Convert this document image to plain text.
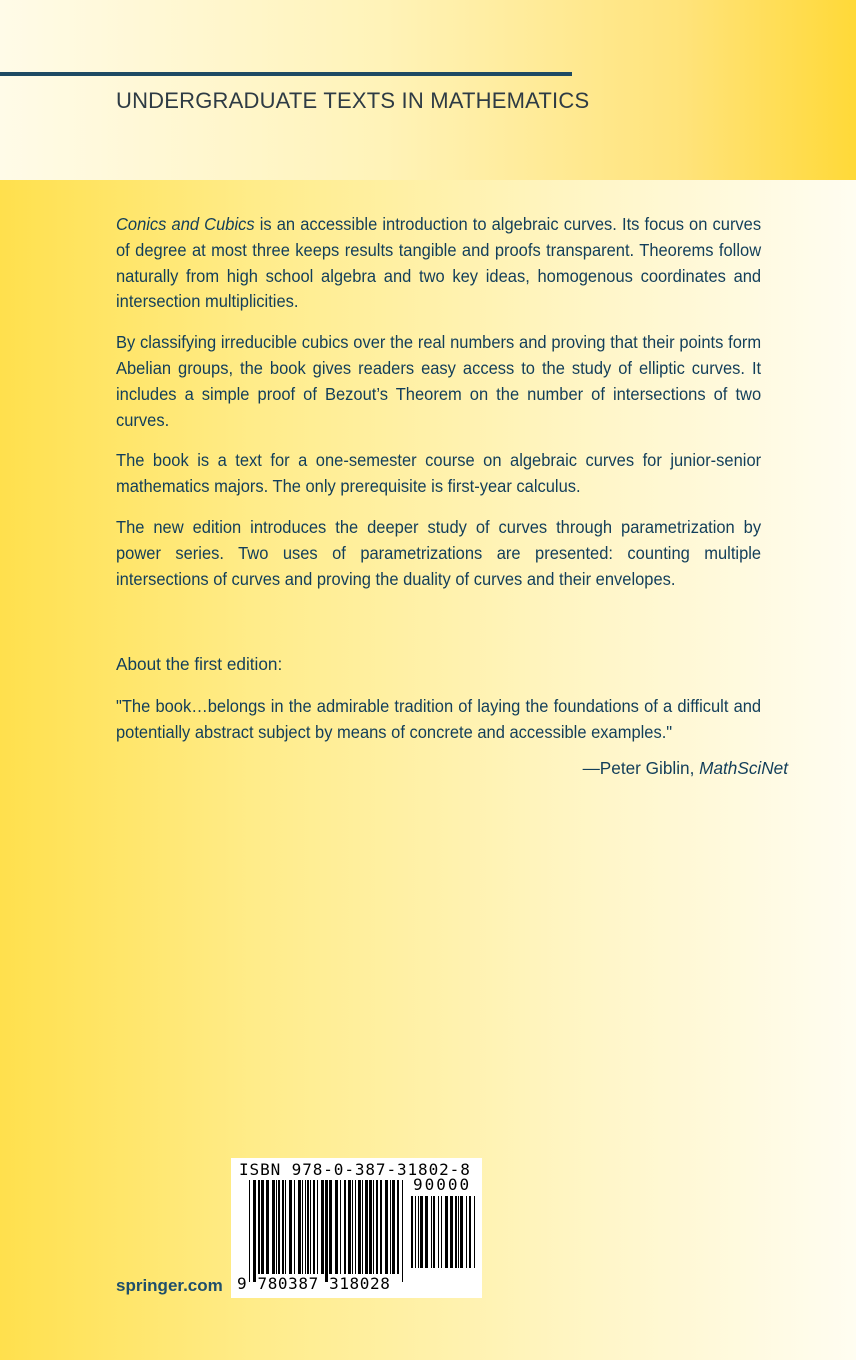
UNDERGRADUATE TEXTS IN MATHEMATICS

Conics and Cubics is an accessible introduction to algebraic curves. Its focus on curves of degree at most three keeps results tangible and proofs transparent. Theorems follow naturally from high school algebra and two key ideas, homogenous coordinates and intersection multiplicities.

By classifying irreducible cubics over the real numbers and proving that their points form Abelian groups, the book gives readers easy access to the study of elliptic curves. It includes a simple proof of Bezout’s Theorem on the number of intersections of two curves.

The book is a text for a one-semester course on algebraic curves for junior-senior mathematics majors. The only prerequisite is first-year calculus.

The new edition introduces the deeper study of curves through parametrization by power series. Two uses of parametrizations are presented: counting multiple intersections of curves and proving the duality of curves and their envelopes.

About the first edition:

"The book…belongs in the admirable tradition of laying the foundations of a difficult and potentially abstract subject by means of concrete and accessible examples."

—Peter Giblin, MathSciNet

springer.com

ISBN 978-0-387-31802-8

90000

9 780387 318028
